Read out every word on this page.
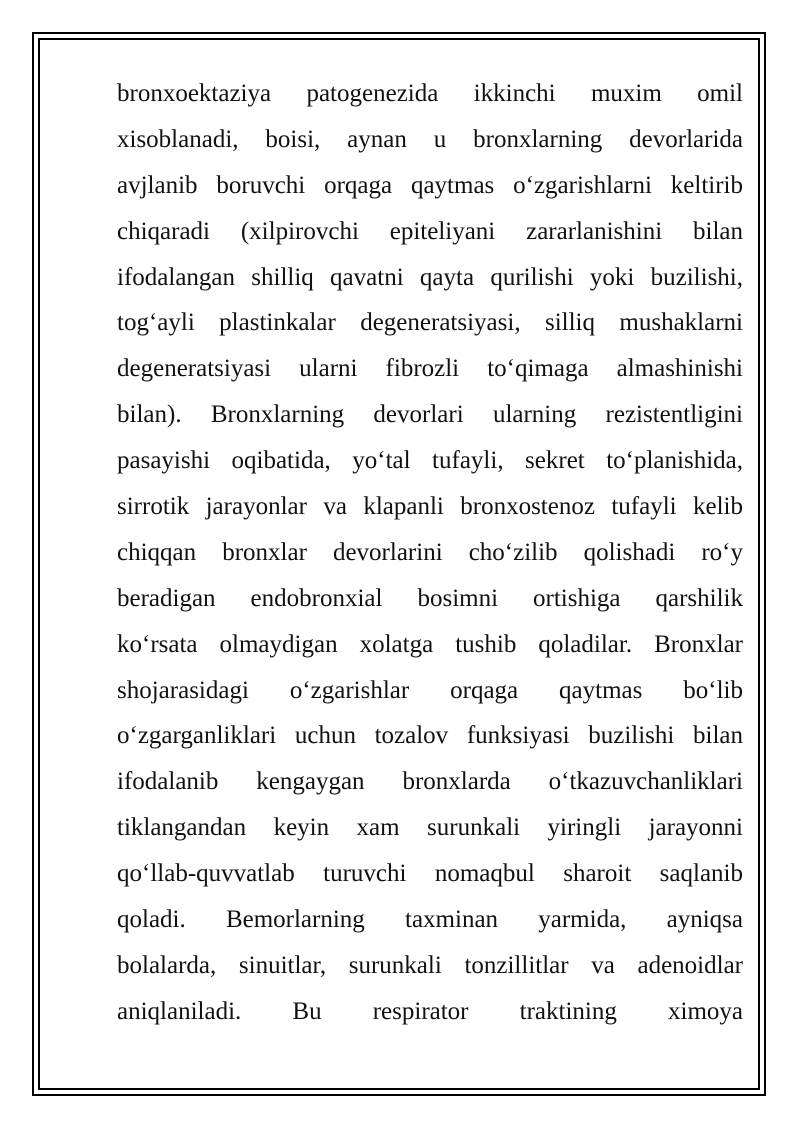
bronxoektaziya patogenezida ikkinchi muxim omil
xisoblanadi, boisi, aynan u bronxlarning devorlarida
avjlanib boruvchi orqaga qaytmas o‘zgarishlarni keltirib
chiqaradi (xilpirovchi epiteliyani zararlanishini bilan
ifodalangan shilliq qavatni qayta qurilishi yoki buzilishi,
tog‘ayli plastinkalar degeneratsiyasi, silliq mushaklarni
degeneratsiyasi ularni fibrozli to‘qimaga almashinishi
bilan). Bronxlarning devorlari ularning rezistentligini
pasayishi oqibatida, yo‘tal tufayli, sekret to‘planishida,
sirrotik jarayonlar va klapanli bronxostenoz tufayli kelib
chiqqan bronxlar devorlarini cho‘zilib qolishadi ro‘y
beradigan endobronxial bosimni ortishiga qarshilik
ko‘rsata olmaydigan xolatga tushib qoladilar. Bronxlar
shojarasidagi o‘zgarishlar orqaga qaytmas bo‘lib
o‘zgarganliklari uchun tozalov funksiyasi buzilishi bilan
ifodalanib kengaygan bronxlarda o‘tkazuvchanliklari
tiklangandan keyin xam surunkali yiringli jarayonni
qo‘llab-quvvatlab turuvchi nomaqbul sharoit saqlanib
qoladi. Bemorlarning taxminan yarmida, ayniqsa
bolalarda, sinuitlar, surunkali tonzillitlar va adenoidlar
aniqlaniladi. Bu respirator traktining ximoya
